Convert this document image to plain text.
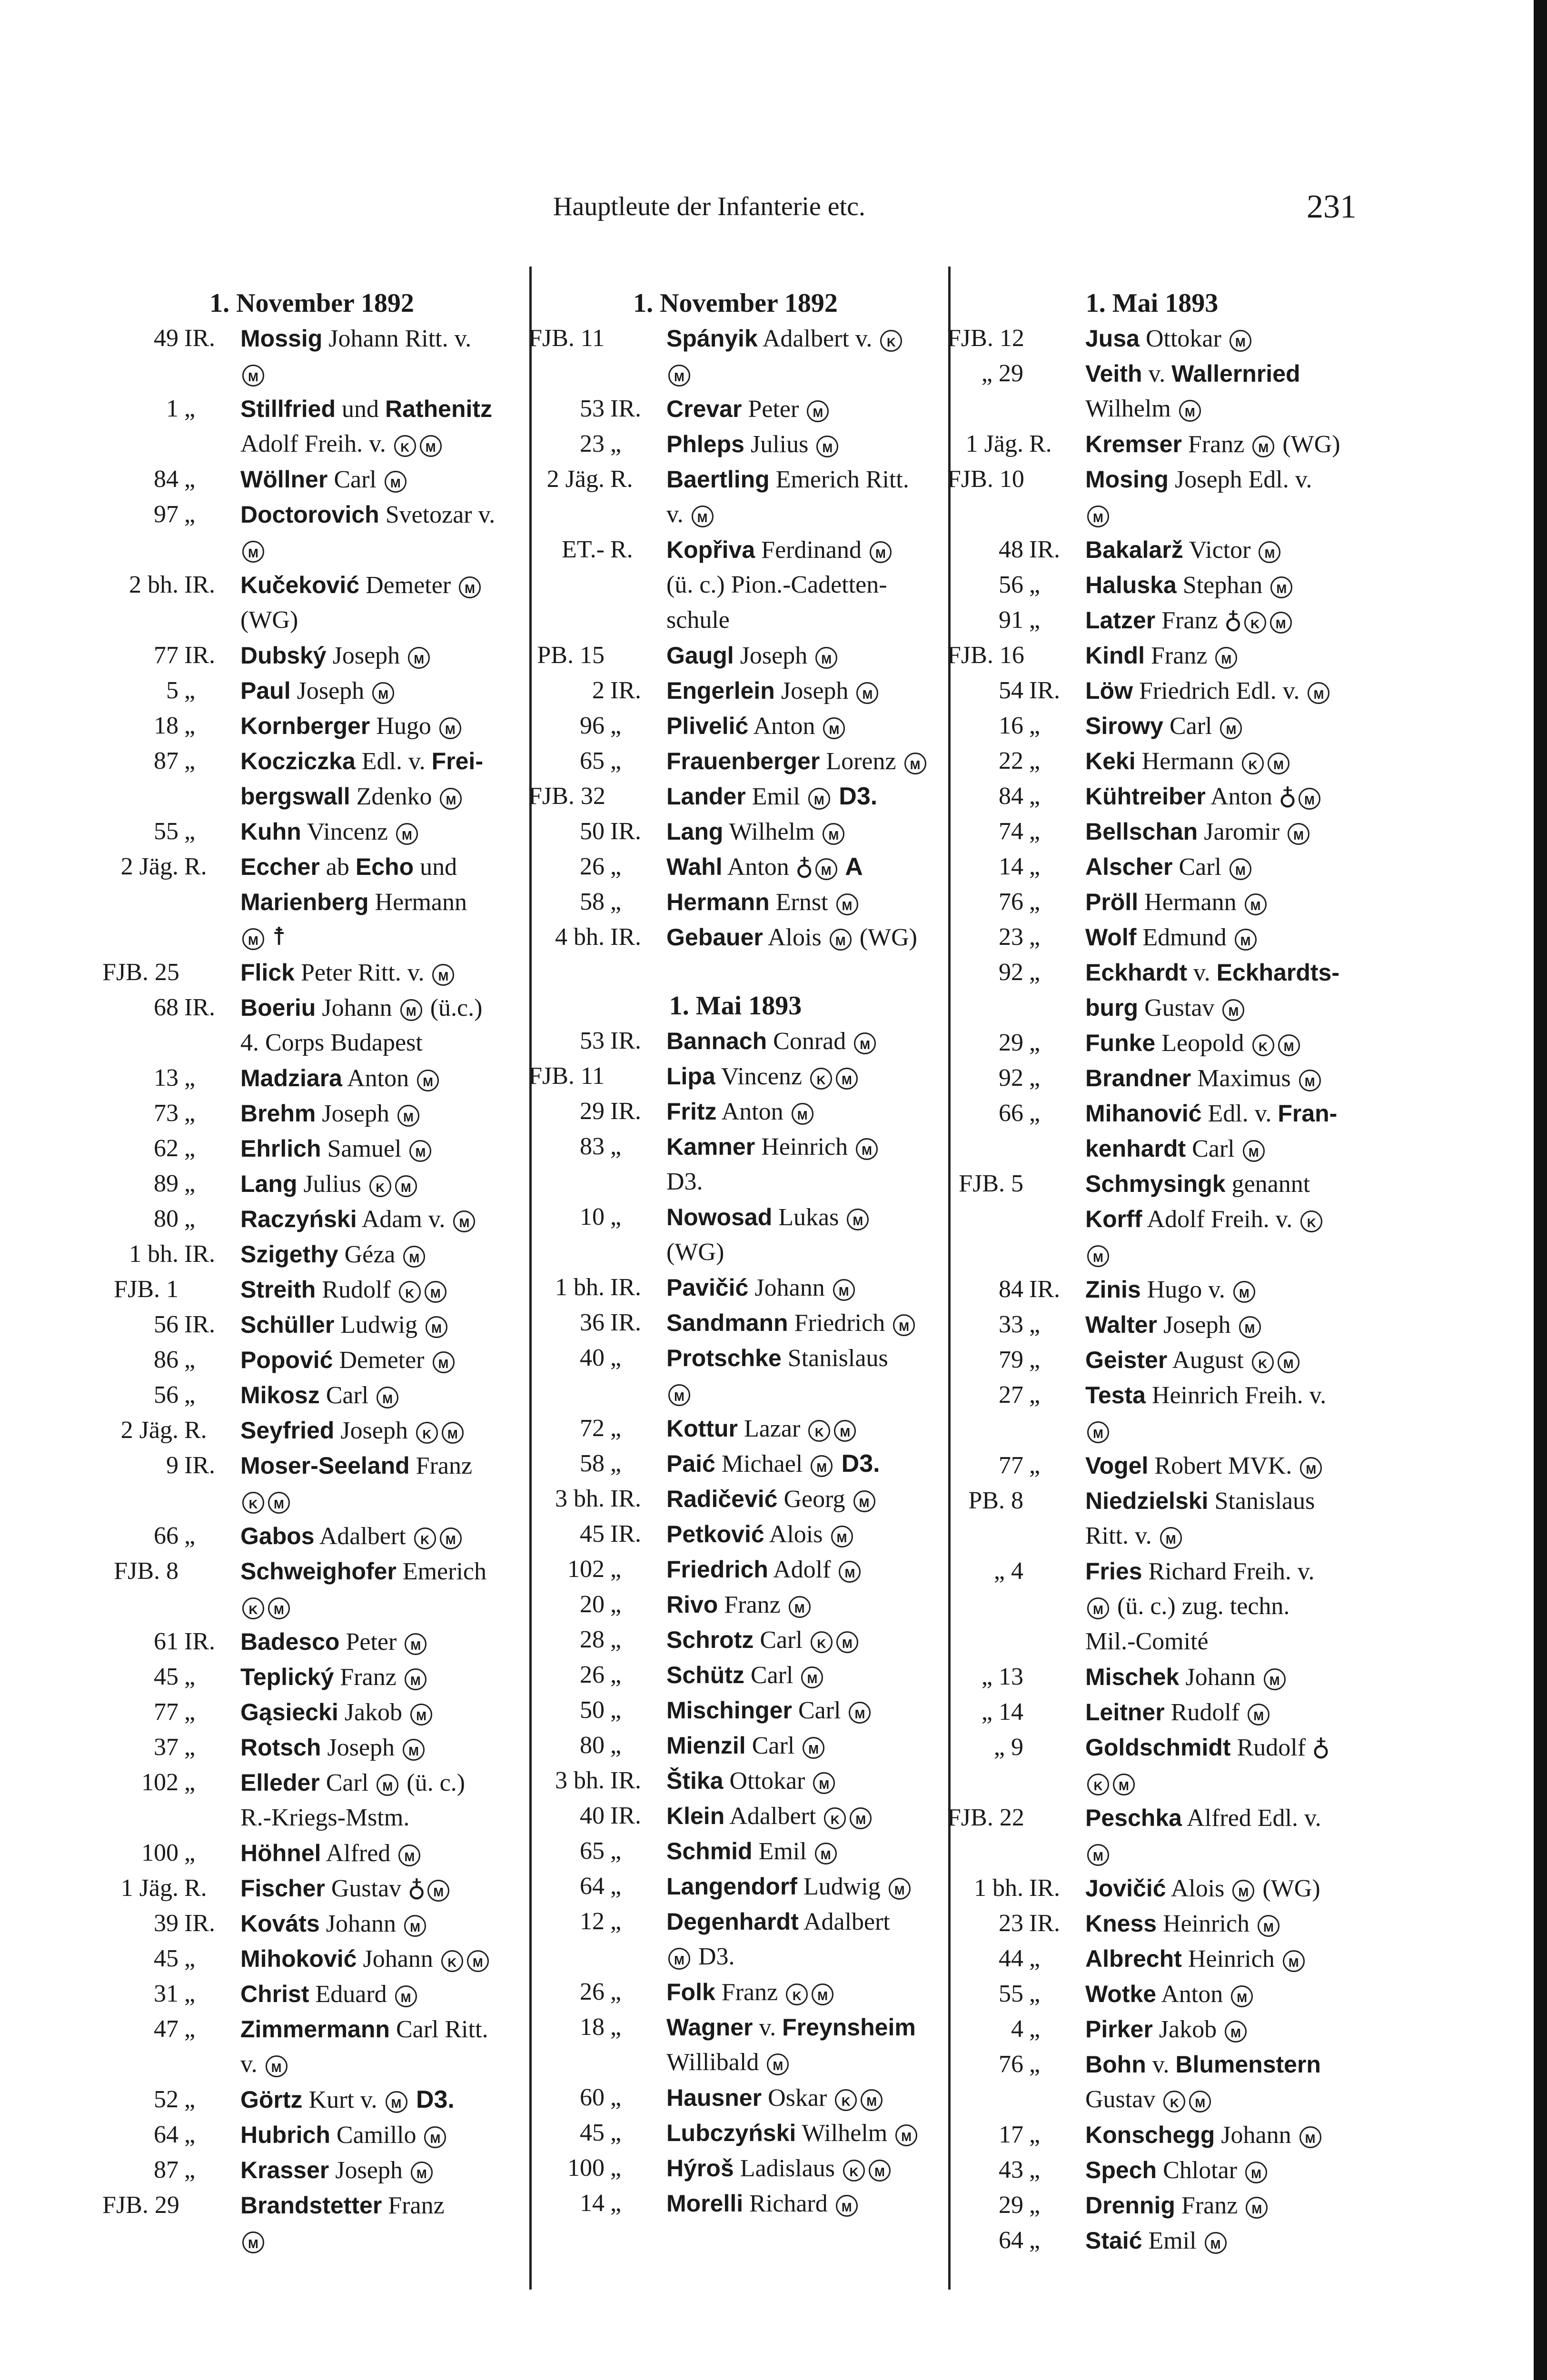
Hauptleute der Infanterie etc.	231
1. November 1892
49 IR.	Mossig Johann Ritt. v.
M
1 „	Stillfried und Rathenitz
Adolf Freih. v. K M
84 „	Wöllner Carl M
97 „	Doctorovich Svetozar v.
M
2 bh. IR.	Kučeković Demeter M
(WG)
77 IR.	Dubský Joseph M
5 „	Paul Joseph M
18 „	Kornberger Hugo M
87 „	Kocziczka Edl. v. Frei-
bergswall Zdenko M
55 „	Kuhn Vincenz M
2 Jäg. R.	Eccher ab Echo und
Marienberg Hermann
M ☨
FJB. 25	Flick Peter Ritt. v. M
68 IR.	Boeriu Johann M (ü.c.)
4. Corps Budapest
13 „	Madziara Anton M
73 „	Brehm Joseph M
62 „	Ehrlich Samuel M
89 „	Lang Julius K M
80 „	Raczyński Adam v. M
1 bh. IR.	Szigethy Géza M
FJB. 1	Streith Rudolf K M
56 IR.	Schüller Ludwig M
86 „	Popović Demeter M
56 „	Mikosz Carl M
2 Jäg. R.	Seyfried Joseph K M
9 IR.	Moser-Seeland Franz
K M
66 „	Gabos Adalbert K M
FJB. 8	Schweighofer Emerich
K M
61 IR.	Badesco Peter M
45 „	Teplický Franz M
77 „	Gąsiecki Jakob M
37 „	Rotsch Joseph M
102 „	Elleder Carl M (ü. c.)
R.-Kriegs-Mstm.
100 „	Höhnel Alfred M
1 Jäg. R.	Fischer Gustav ♁ M
39 IR.	Kováts Johann M
45 „	Mihoković Johann K M
31 „	Christ Eduard M
47 „	Zimmermann Carl Ritt.
v. M
52 „	Görtz Kurt v. M D3.
64 „	Hubrich Camillo M
87 „	Krasser Joseph M
FJB. 29	Brandstetter Franz
M
1. November 1892
FJB. 11	Spányik Adalbert v. K
M
53 IR.	Crevar Peter M
23 „	Phleps Julius M
2 Jäg. R.	Baertling Emerich Ritt.
v. M
ET.- R.	Kopřiva Ferdinand M
(ü. c.) Pion.-Cadetten-
schule
PB. 15	Gaugl Joseph M
2 IR.	Engerlein Joseph M
96 „	Plivelić Anton M
65 „	Frauenberger Lorenz M
FJB. 32	Lander Emil M D3.
50 IR.	Lang Wilhelm M
26 „	Wahl Anton ♁ M A
58 „	Hermann Ernst M
4 bh. IR.	Gebauer Alois M (WG)
1. Mai 1893
53 IR.	Bannach Conrad M
FJB. 11	Lipa Vincenz K M
29 IR.	Fritz Anton M
83 „	Kamner Heinrich M
D3.
10 „	Nowosad Lukas M
(WG)
1 bh. IR.	Pavičić Johann M
36 IR.	Sandmann Friedrich M
40 „	Protschke Stanislaus
M
72 „	Kottur Lazar K M
58 „	Paić Michael M D3.
3 bh. IR.	Radičević Georg M
45 IR.	Petković Alois M
102 „	Friedrich Adolf M
20 „	Rivo Franz M
28 „	Schrotz Carl K M
26 „	Schütz Carl M
50 „	Mischinger Carl M
80 „	Mienzil Carl M
3 bh. IR.	Štika Ottokar M
40 IR.	Klein Adalbert K M
65 „	Schmid Emil M
64 „	Langendorf Ludwig M
12 „	Degenhardt Adalbert
M D3.
26 „	Folk Franz K M
18 „	Wagner v. Freynsheim
Willibald M
60 „	Hausner Oskar K M
45 „	Lubczyński Wilhelm M
100 „	Hýroš Ladislaus K M
14 „	Morelli Richard M
1. Mai 1893
FJB. 12	Jusa Ottokar M
„ 29	Veith v. Wallernried
Wilhelm M
1 Jäg. R.	Kremser Franz M (WG)
FJB. 10	Mosing Joseph Edl. v.
M
48 IR.	Bakalarž Victor M
56 „	Haluska Stephan M
91 „	Latzer Franz ♁ K M
FJB. 16	Kindl Franz M
54 IR.	Löw Friedrich Edl. v. M
16 „	Sirowy Carl M
22 „	Keki Hermann K M
84 „	Kühtreiber Anton ♁ M
74 „	Bellschan Jaromir M
14 „	Alscher Carl M
76 „	Pröll Hermann M
23 „	Wolf Edmund M
92 „	Eckhardt v. Eckhardts-
burg Gustav M
29 „	Funke Leopold K M
92 „	Brandner Maximus M
66 „	Mihanović Edl. v. Fran-
kenhardt Carl M
FJB. 5	Schmysingk genannt
Korff Adolf Freih. v. K
M
84 IR.	Zinis Hugo v. M
33 „	Walter Joseph M
79 „	Geister August K M
27 „	Testa Heinrich Freih. v.
M
77 „	Vogel Robert MVK. M
PB. 8	Niedzielski Stanislaus
Ritt. v. M
„ 4	Fries Richard Freih. v.
M (ü. c.) zug. techn.
Mil.-Comité
„ 13	Mischek Johann M
„ 14	Leitner Rudolf M
„ 9	Goldschmidt Rudolf ♁
K M
FJB. 22	Peschka Alfred Edl. v.
M
1 bh. IR.	Jovičić Alois M (WG)
23 IR.	Kness Heinrich M
44 „	Albrecht Heinrich M
55 „	Wotke Anton M
4 „	Pirker Jakob M
76 „	Bohn v. Blumenstern
Gustav K M
17 „	Konschegg Johann M
43 „	Spech Chlotar M
29 „	Drennig Franz M
64 „	Staić Emil M
